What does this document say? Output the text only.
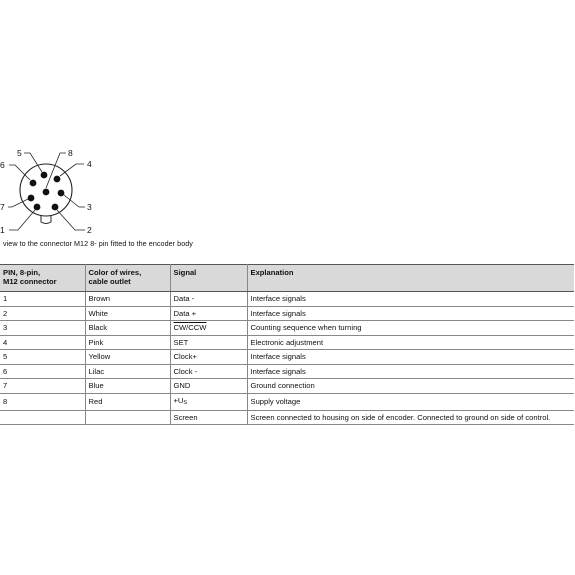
1	2
3
4
5
6
7
8
view to the connector M12 8- pin fitted to the encoder body
PIN, 8-pin,
M12 connector	Color of wires,
cable outlet	Signal	Explanation
1	Brown	Data -	Interface signals
2	White	Data +	Interface signals
3	Black	$CW/\overline{CCW}$	Counting sequence when turning
4	Pink	SET	Electronic adjustment
5	Yellow	Clock+	Interface signals
6	Lilac	Clock -	Interface signals
7	Blue	GND	Ground connection
8	Red	$+U_S$	Supply voltage
		Screen	Screen connected to housing on side of encoder. Connected to ground on side of control.
